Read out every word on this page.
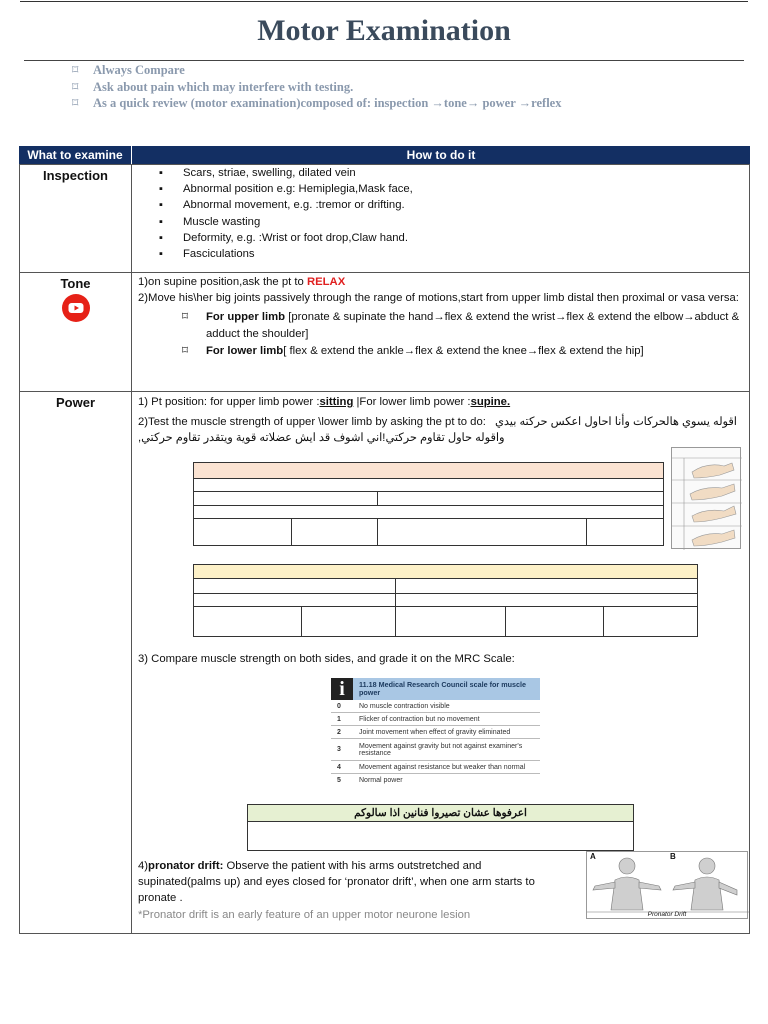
Motor Examination
⌑ Always Compare
⌑ Ask about pain which may interfere with testing.
⌑ As a quick review (motor examination)composed of: inspection →tone→ power →reflex
What to examine	How to do it
Inspection
▪	Scars, striae, swelling, dilated vein
▪ Abnormal position e.g: Hemiplegia,Mask face,
▪ Abnormal movement, e.g. :tremor or drifting.
▪ Muscle wasting
▪ Deformity, e.g. :Wrist or foot drop,Claw hand.
▪ Fasciculations
Tone	1)on supine position,ask the pt to RELAX
2)Move his\her big joints passively through the range of motions,start from upper limb distal then proximal or vasa versa:
⌑ For upper limb [pronate & supinate the hand→flex & extend the wrist→flex & extend the elbow→abduct & adduct the shoulder]
⌑ For lower limb[ flex & extend the ankle→flex & extend the knee→flex & extend the hip]
Power	1) Pt position: for upper limb power :sitting |For lower limb power :supine.
2)Test the muscle strength of upper \lower limb by asking the pt to do: اقوله يسوي هالحركات وأنا احاول اعكس حركته بيدي
واقوله حاول تقاوم حركتي!اني اشوف قد ايش عضلاته قوية ويتقدر تقاوم حركتي,
3) Compare muscle strength on both sides, and grade it on the MRC Scale:
i	11.18 Medical Research Council scale for muscle power
0	No muscle contraction visible
1	Flicker of contraction but no movement
2	Joint movement when effect of gravity eliminated
3	Movement against gravity but not against examiner's resistance
4	Movement against resistance but weaker than normal
5	Normal power
اعرفوها عشان تصيروا فنانين اذا سالوكم
4)pronator drift: Observe the patient with his arms outstretched and supinated(palms up) and eyes closed for ‘pronator drift’, when one arm starts to pronate .
*Pronator drift is an early feature of an upper motor neurone lesion
A	B
Pronator Drift
